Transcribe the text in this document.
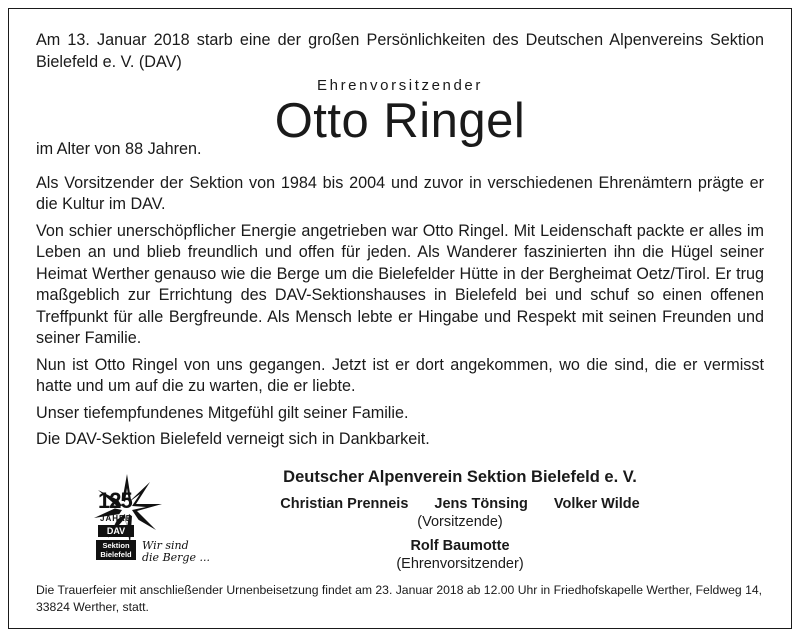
Am 13. Januar 2018 starb eine der großen Persönlichkeiten des Deutschen Alpenvereins Sektion Bielefeld e. V. (DAV)

Ehrenvorsitzender
Otto Ringel

im Alter von 88 Jahren.

Als Vorsitzender der Sektion von 1984 bis 2004 und zuvor in verschiedenen Ehrenämtern prägte er die Kultur im DAV.

Von schier unerschöpflicher Energie angetrieben war Otto Ringel. Mit Leidenschaft packte er alles im Leben an und blieb freundlich und offen für jeden. Als Wanderer faszinierten ihn die Hügel seiner Heimat Werther genauso wie die Berge um die Bielefelder Hütte in der Bergheimat Oetz/Tirol. Er trug maßgeblich zur Errichtung des DAV-Sektionshauses in Bielefeld bei und schuf so einen offenen Treffpunkt für alle Bergfreunde. Als Mensch lebte er Hingabe und Respekt mit seinen Freunden und seiner Familie.

Nun ist Otto Ringel von uns gegangen. Jetzt ist er dort angekommen, wo die sind, die er vermisst hatte und um auf die zu warten, die er liebte.

Unser tiefempfundenes Mitgefühl gilt seiner Familie.

Die DAV-Sektion Bielefeld verneigt sich in Dankbarkeit.

Deutscher Alpenverein Sektion Bielefeld e. V.
Christian Prenneis Jens Tönsing Volker Wilde
(Vorsitzende)
Rolf Baumotte
(Ehrenvorsitzender)
125
JAHRE
DAV
Sektion
Bielefeld
Wir sind
die Berge ...

Die Trauerfeier mit anschließender Urnenbeisetzung findet am 23. Januar 2018 ab 12.00 Uhr in Friedhofskapelle Werther, Feldweg 14, 33824 Werther, statt.
